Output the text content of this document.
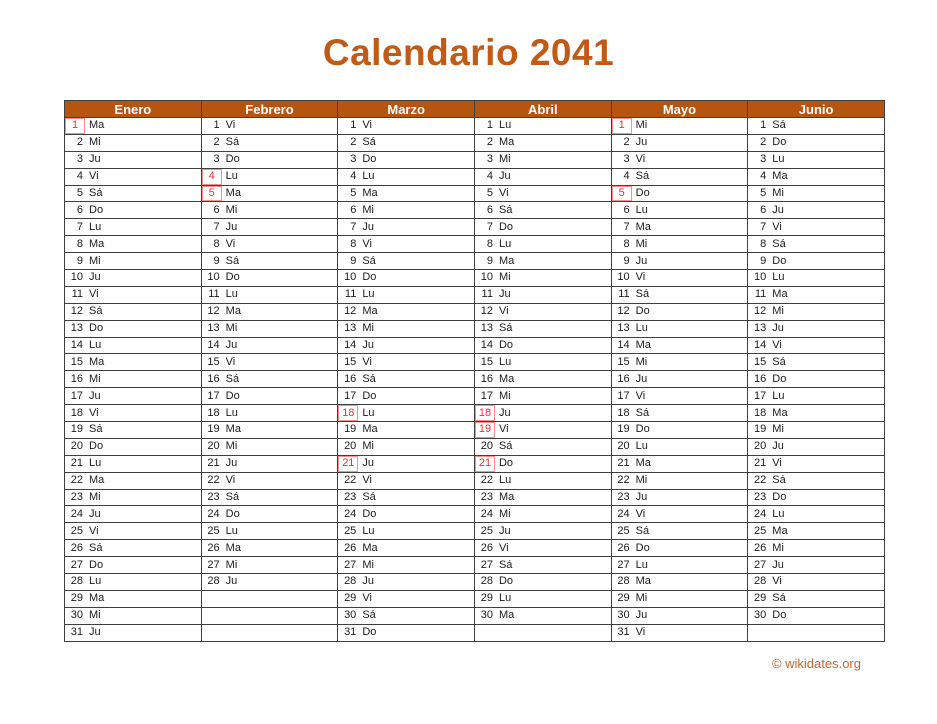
Calendario 2041
Enero	Febrero	Marzo	Abril	Mayo	Junio

1 Ma	1 Vi	1 Vi	1 Lu	1 Mi	1 Sá

2 Mi	2 Sá	2 Sá	2 Ma	2 Ju	2 Do

3 Ju	3 Do	3 Do	3 Mi	3 Vi	3 Lu

4 Vi	4 Lu	4 Lu	4 Ju	4 Sá	4 Ma

5 Sá	5 Ma	5 Ma	5 Vi	5 Do	5 Mi

6 Do	6 Mi	6 Mi	6 Sá	6 Lu	6 Ju

7 Lu	7 Ju	7 Ju	7 Do	7 Ma	7 Vi

8 Ma	8 Vi	8 Vi	8 Lu	8 Mi	8 Sá

9 Mi	9 Sá	9 Sá	9 Ma	9 Ju	9 Do

10 Ju	10 Do	10 Do	10 Mi	10 Vi	10 Lu

11 Vi	11 Lu	11 Lu	11 Ju	11 Sá	11 Ma

12 Sá	12 Ma	12 Ma	12 Vi	12 Do	12 Mi

13 Do	13 Mi	13 Mi	13 Sá	13 Lu	13 Ju

14 Lu	14 Ju	14 Ju	14 Do	14 Ma	14 Vi

15 Ma	15 Vi	15 Vi	15 Lu	15 Mi	15 Sá

16 Mi	16 Sá	16 Sá	16 Ma	16 Ju	16 Do

17 Ju	17 Do	17 Do	17 Mi	17 Vi	17 Lu

18 Vi	18 Lu	18 Lu	18 Ju	18 Sá	18 Ma

19 Sá	19 Ma	19 Ma	19 Vi	19 Do	19 Mi

20 Do	20 Mi	20 Mi	20 Sá	20 Lu	20 Ju

21 Lu	21 Ju	21 Ju	21 Do	21 Ma	21 Vi

22 Ma	22 Vi	22 Vi	22 Lu	22 Mi	22 Sá

23 Mi	23 Sá	23 Sá	23 Ma	23 Ju	23 Do

24 Ju	24 Do	24 Do	24 Mi	24 Vi	24 Lu

25 Vi	25 Lu	25 Lu	25 Ju	25 Sá	25 Ma

26 Sá	26 Ma	26 Ma	26 Vi	26 Do	26 Mi

27 Do	27 Mi	27 Mi	27 Sá	27 Lu	27 Ju

28 Lu	28 Ju	28 Ju	28 Do	28 Ma	28 Vi

29 Ma		29 Vi	29 Lu	29 Mi	29 Sá

30 Mi		30 Sá	30 Ma	30 Ju	30 Do

31 Ju		31 Do		31 Vi	

© wikidates.org
